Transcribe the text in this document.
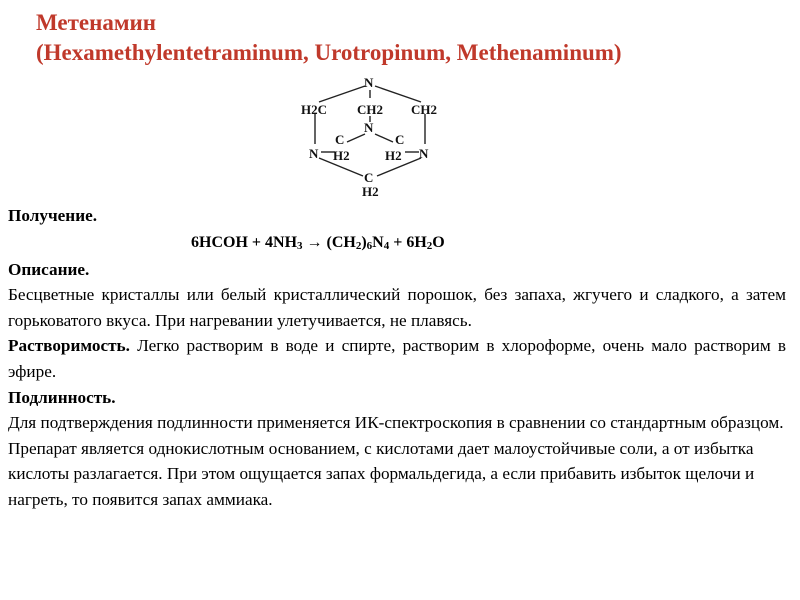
Метенамин
(Hexamethylentetraminum, Urotropinum, Methenaminum)
N
H2C CH2
N
CH2
N
C
H2
C
H2 N
C
H2

Получение.

6HCOH + $4NH_3 \to (CH_2)_6N_4 + 6H_2O$

Описание.

Бесцветные кристаллы или белый кристаллический порошок, без запаха, жгучего и сладкого, а затем горьковатого вкуса. При нагревании улетучивается, не плавясь.

Растворимость. Легко растворим в воде и спирте, растворим в хлороформе, очень мало растворим в эфире.

Подлинность.

Для подтверждения подлинности применяется ИК-спектроскопия в сравнении со стандартным образцом.

Препарат является однокислотным основанием, с кислотами дает малоустойчивые соли, а от избытка кислоты разлагается. При этом ощущается запах формальдегида, а если прибавить избыток щелочи и нагреть, то появится запах аммиака.
